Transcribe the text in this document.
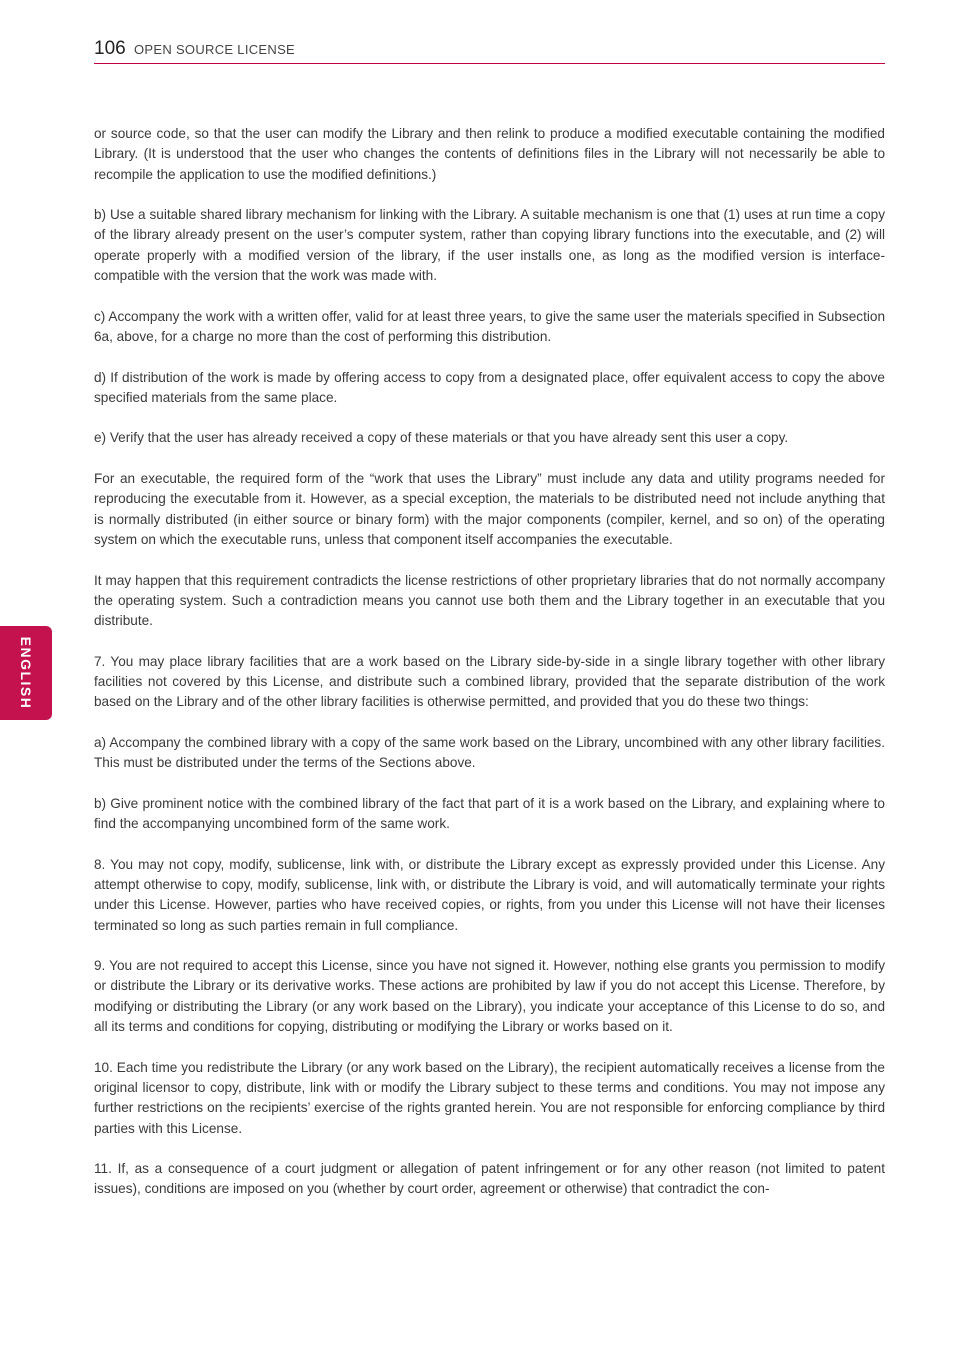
106 OPEN SOURCE LICENSE
ENGLISH

or source code, so that the user can modify the Library and then relink to produce a modified executable containing the modified Library. (It is understood that the user who changes the contents of definitions files in the Library will not necessarily be able to recompile the application to use the modified definitions.)

b) Use a suitable shared library mechanism for linking with the Library. A suitable mechanism is one that (1) uses at run time a copy of the library already present on the user’s computer system, rather than copying library functions into the executable, and (2) will operate properly with a modified version of the library, if the user installs one, as long as the modified version is interface-compatible with the version that the work was made with.

c) Accompany the work with a written offer, valid for at least three years, to give the same user the materials specified in Subsection 6a, above, for a charge no more than the cost of performing this distribution.

d) If distribution of the work is made by offering access to copy from a designated place, offer equivalent access to copy the above specified materials from the same place.

e) Verify that the user has already received a copy of these materials or that you have already sent this user a copy.

For an executable, the required form of the “work that uses the Library” must include any data and utility programs needed for reproducing the executable from it. However, as a special exception, the materials to be distributed need not include anything that is normally distributed (in either source or binary form) with the major components (compiler, kernel, and so on) of the operating system on which the executable runs, unless that component itself accompanies the executable.

It may happen that this requirement contradicts the license restrictions of other proprietary libraries that do not normally accompany the operating system. Such a contradiction means you cannot use both them and the Library together in an executable that you distribute.

7. You may place library facilities that are a work based on the Library side-by-side in a single library together with other library facilities not covered by this License, and distribute such a combined library, provided that the separate distribution of the work based on the Library and of the other library facilities is otherwise permitted, and provided that you do these two things:

a) Accompany the combined library with a copy of the same work based on the Library, uncombined with any other library facilities. This must be distributed under the terms of the Sections above.

b) Give prominent notice with the combined library of the fact that part of it is a work based on the Library, and explaining where to find the accompanying uncombined form of the same work.

8. You may not copy, modify, sublicense, link with, or distribute the Library except as expressly provided under this License. Any attempt otherwise to copy, modify, sublicense, link with, or distribute the Library is void, and will automatically terminate your rights under this License. However, parties who have received copies, or rights, from you under this License will not have their licenses terminated so long as such parties remain in full compliance.

9. You are not required to accept this License, since you have not signed it. However, nothing else grants you permission to modify or distribute the Library or its derivative works. These actions are prohibited by law if you do not accept this License. Therefore, by modifying or distributing the Library (or any work based on the Library), you indicate your acceptance of this License to do so, and all its terms and conditions for copying, distributing or modifying the Library or works based on it.

10. Each time you redistribute the Library (or any work based on the Library), the recipient automatically receives a license from the original licensor to copy, distribute, link with or modify the Library subject to these terms and conditions. You may not impose any further restrictions on the recipients’ exercise of the rights granted herein. You are not responsible for enforcing compliance by third parties with this License.

11. If, as a consequence of a court judgment or allegation of patent infringement or for any other reason (not limited to patent issues), conditions are imposed on you (whether by court order, agreement or otherwise) that contradict the con-
